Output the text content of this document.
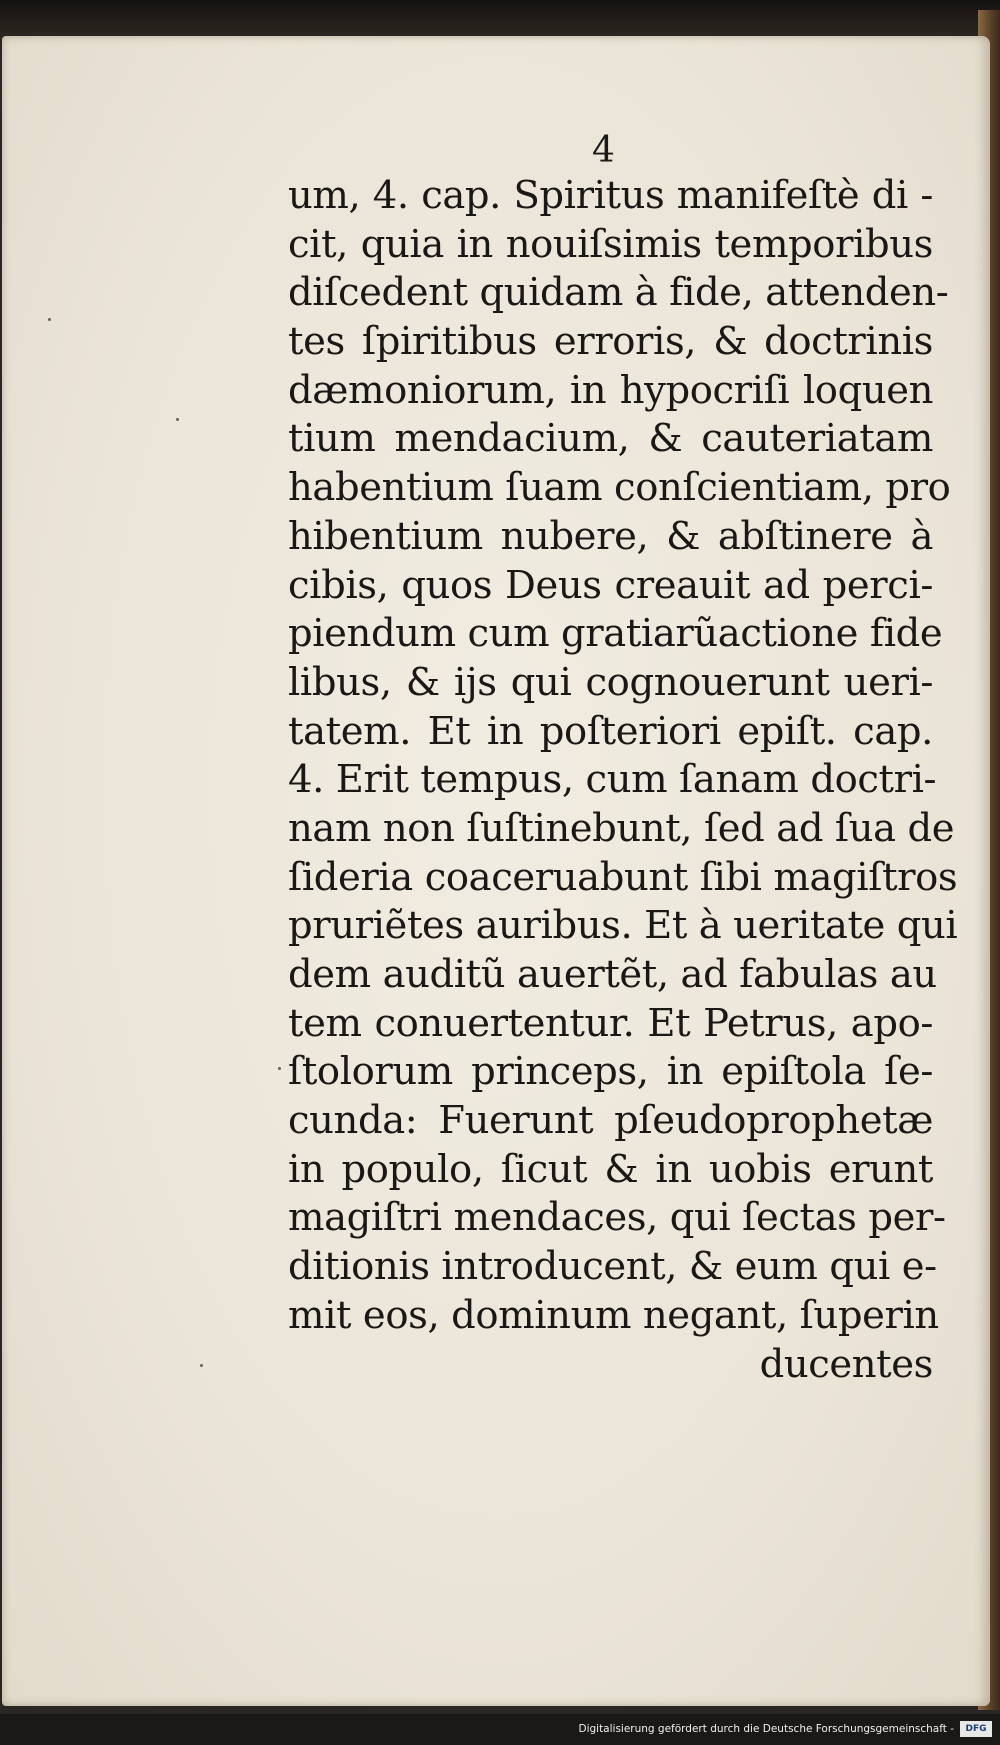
4
um, 4. cap. Spiritus manifeſtè di -
cit, quia in nouiſsimis temporibus
diſcedent quidam à fide, attenden-
tes ſpiritibus erroris, & doctrinis
dæmoniorum, in hypocriſi loquen
tium mendacium, & cauteriatam
habentium ſuam conſcientiam, pro
hibentium nubere, & abſtinere à
cibis, quos Deus creauit ad perci-
piendum cum gratiarũactione fide
libus, & ijs qui cognouerunt ueri-
tatem. Et in poſteriori epiſt. cap.
4. Erit tempus, cum ſanam doctri-
nam non ſuſtinebunt, ſed ad ſua de
ſideria coaceruabunt ſibi magiſtros
pruriẽtes auribus. Et à ueritate qui
dem auditũ auertẽt, ad fabulas au
tem conuertentur. Et Petrus, apo-
ſtolorum princeps, in epiſtola ſe-
cunda: Fuerunt pſeudoprophetæ
in populo, ſicut & in uobis erunt
magiſtri mendaces, qui ſectas per-
ditionis introducent, & eum qui e-
mit eos, dominum negant, ſuperin
ducentes
Digitalisierung gefördert durch die Deutsche Forschungsgemeinschaft -	DFG
